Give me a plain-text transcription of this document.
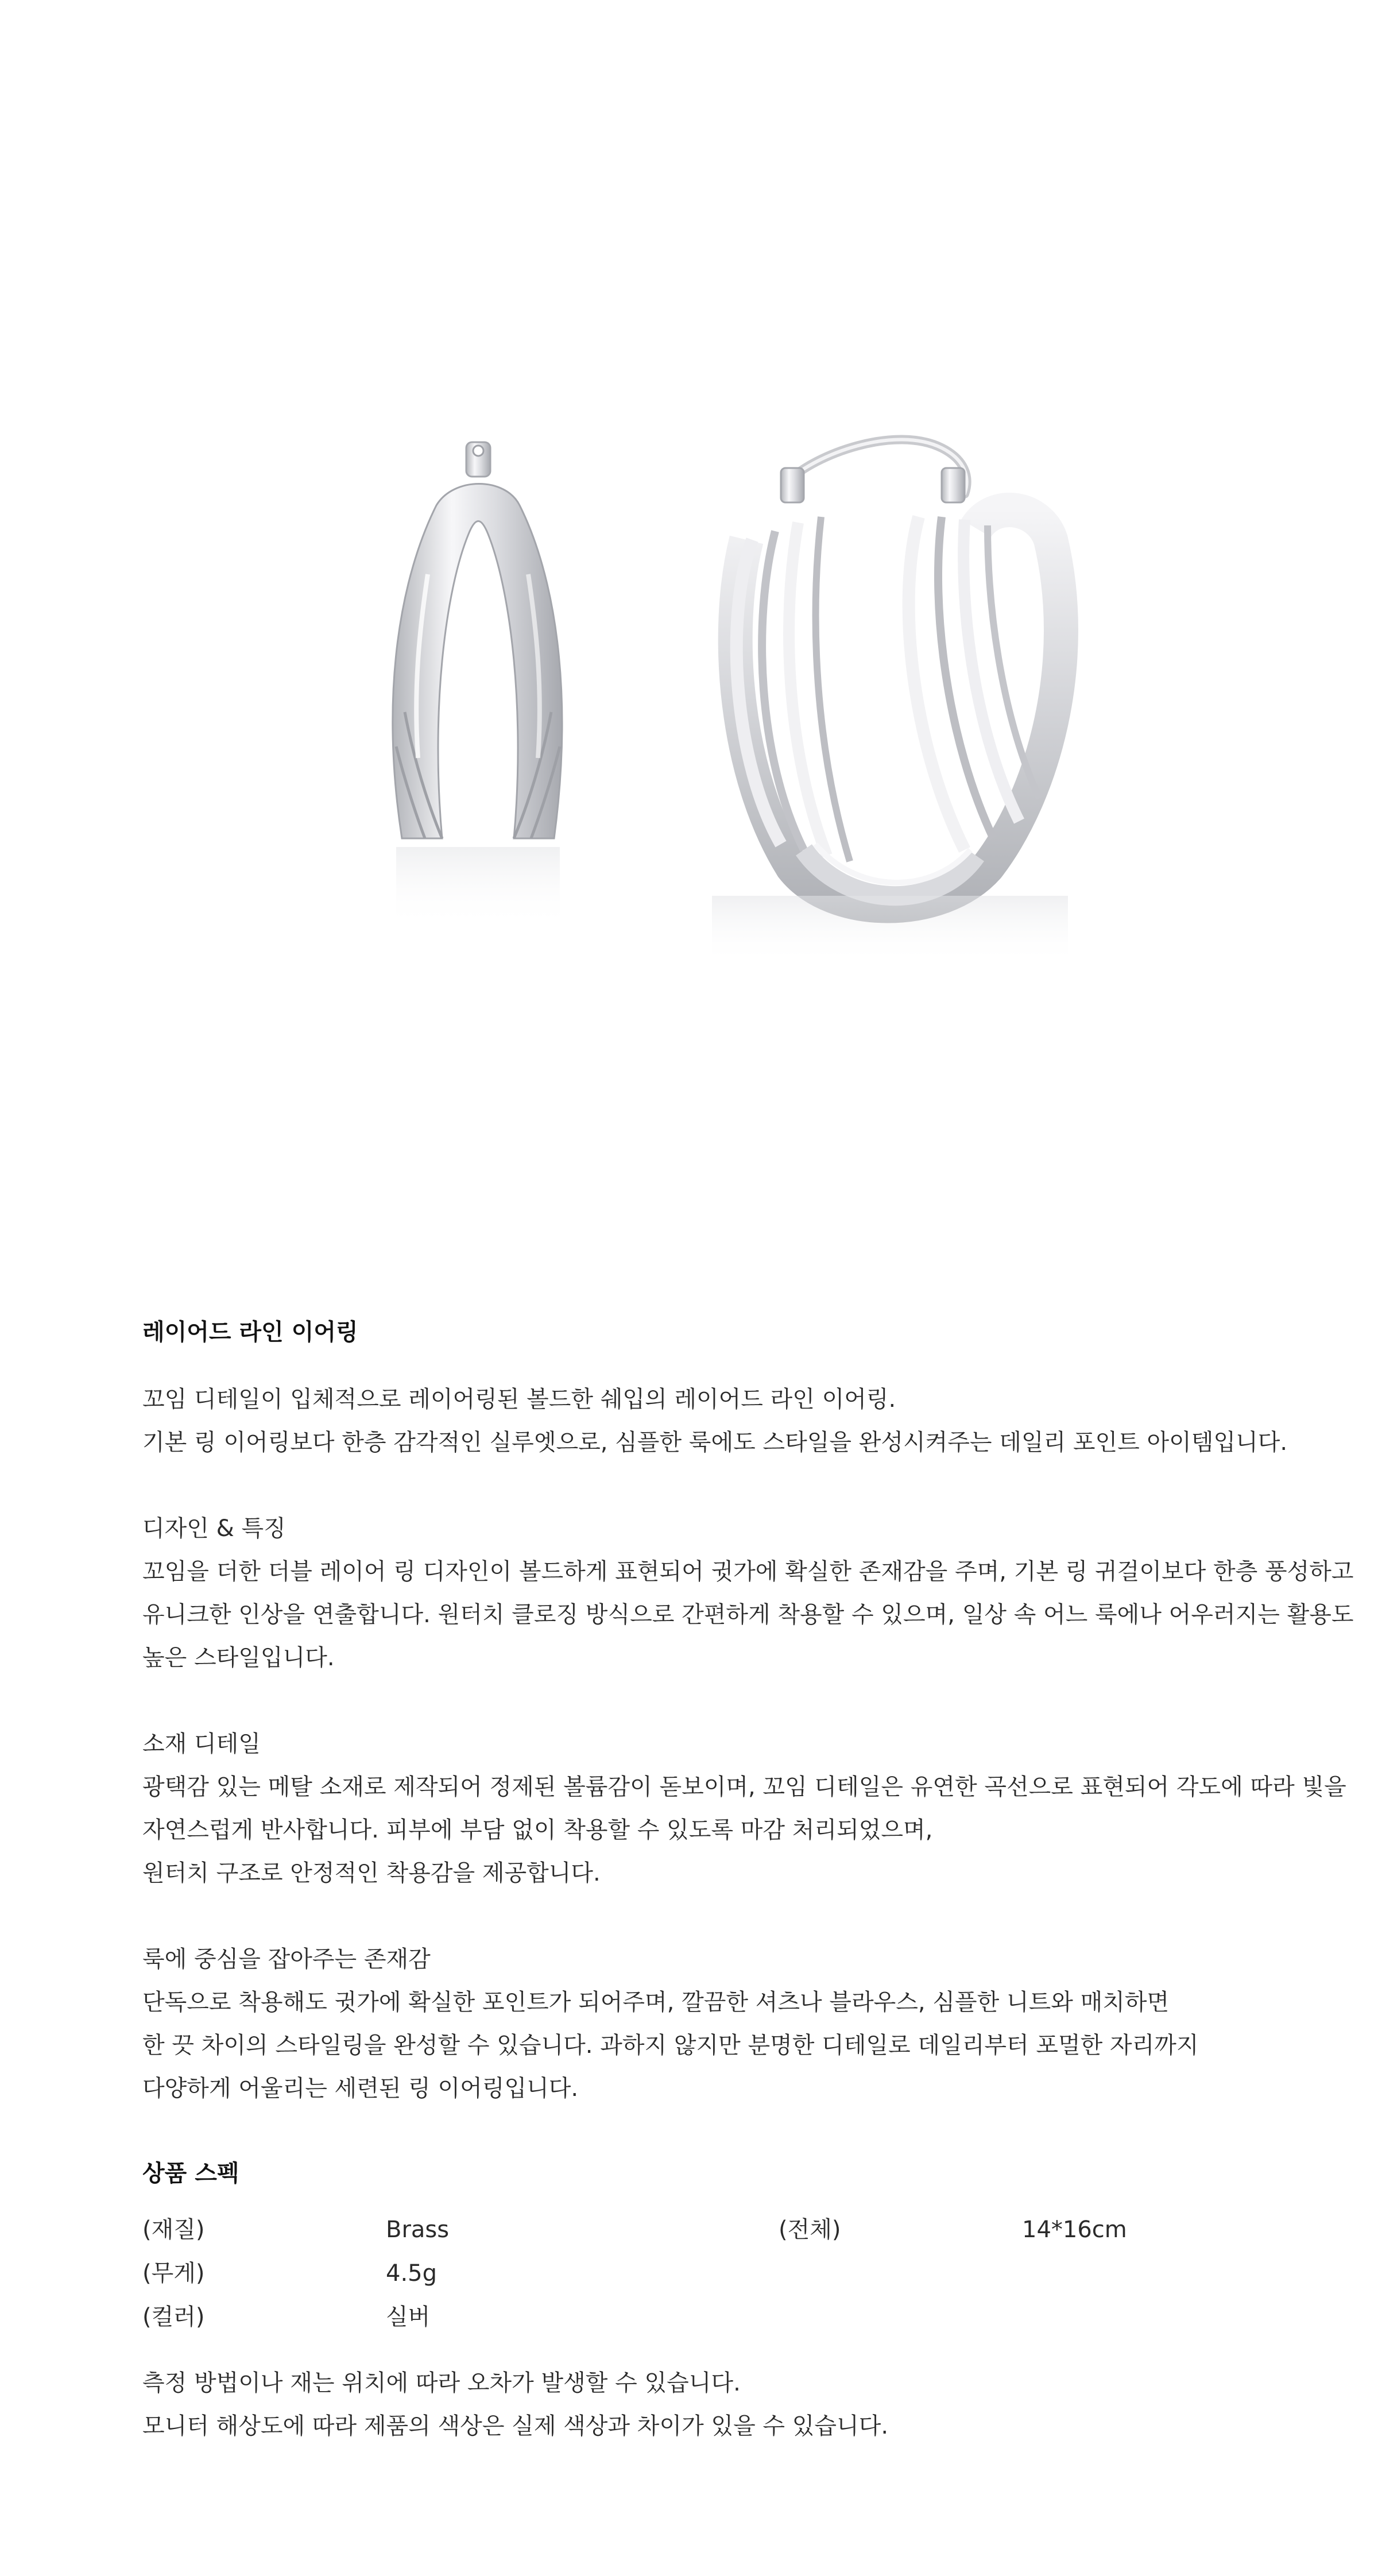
레이어드 라인 이어링

꼬임 디테일이 입체적으로 레이어링된 볼드한 쉐입의 레이어드 라인 이어링.

기본 링 이어링보다 한층 감각적인 실루엣으로, 심플한 룩에도 스타일을 완성시켜주는 데일리 포인트 아이템입니다.

디자인 & 특징

꼬임을 더한 더블 레이어 링 디자인이 볼드하게 표현되어 귓가에 확실한 존재감을 주며, 기본 링 귀걸이보다 한층 풍성하고

유니크한 인상을 연출합니다. 원터치 클로징 방식으로 간편하게 착용할 수 있으며, 일상 속 어느 룩에나 어우러지는 활용도

높은 스타일입니다.

소재 디테일

광택감 있는 메탈 소재로 제작되어 정제된 볼륨감이 돋보이며, 꼬임 디테일은 유연한 곡선으로 표현되어 각도에 따라 빛을

자연스럽게 반사합니다. 피부에 부담 없이 착용할 수 있도록 마감 처리되었으며,

원터치 구조로 안정적인 착용감을 제공합니다.

룩에 중심을 잡아주는 존재감

단독으로 착용해도 귓가에 확실한 포인트가 되어주며, 깔끔한 셔츠나 블라우스, 심플한 니트와 매치하면

한 끗 차이의 스타일링을 완성할 수 있습니다. 과하지 않지만 분명한 디테일로 데일리부터 포멀한 자리까지

다양하게 어울리는 세련된 링 이어링입니다.

상품 스펙
(재질)	Brass	(전체)	14*16cm
(무게)	4.5g
(컬러)	실버

측정 방법이나 재는 위치에 따라 오차가 발생할 수 있습니다.

모니터 해상도에 따라 제품의 색상은 실제 색상과 차이가 있을 수 있습니다.
